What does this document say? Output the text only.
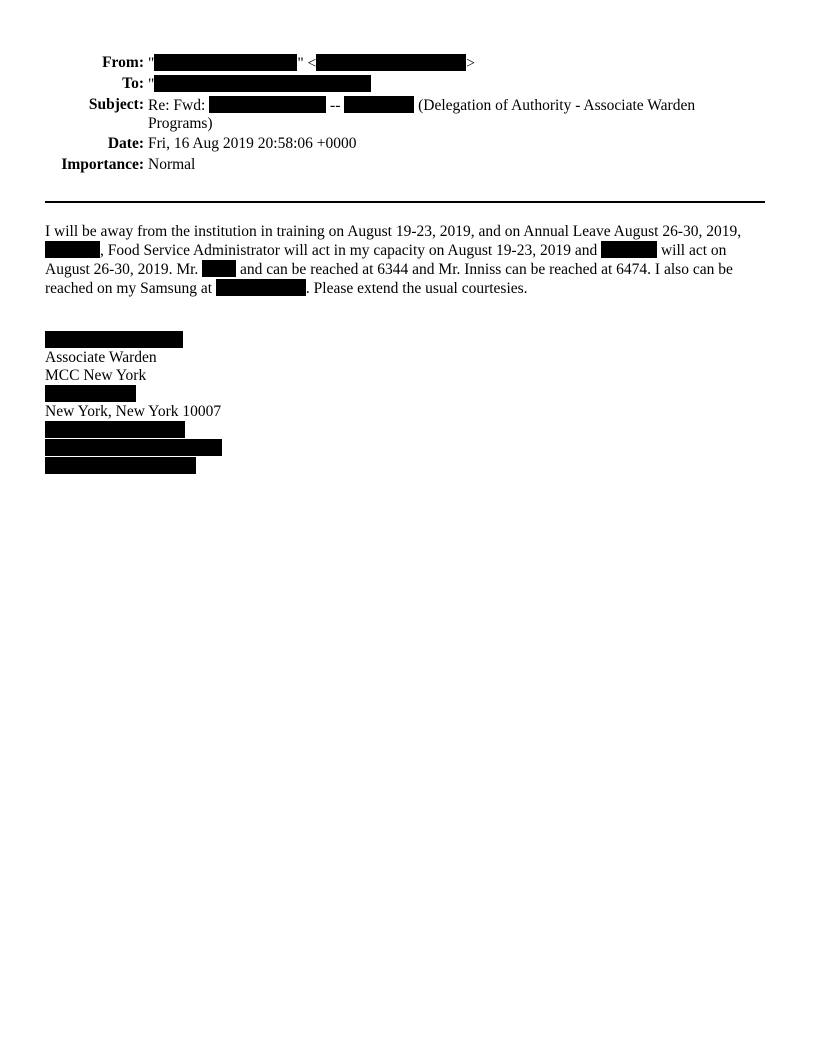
From: "	" <	>
To: "
Subject: Re: Fwd:	--	(Delegation of Authority - Associate Warden Programs)
Date: Fri, 16 Aug 2019 20:58:06 +0000
Importance: Normal
I will be away from the institution in training on August 19-23, 2019, and on Annual Leave August 26-30, 2019, , Food Service Administrator will act in my capacity on August 19-23, 2019 and	will act on August 26-30, 2019. Mr.	and can be reached at 6344 and Mr. Inniss can be reached at 6474. I also can be reached on my Samsung at	. Please extend the usual courtesies.
Associate Warden
MCC New York
New York, New York 10007
